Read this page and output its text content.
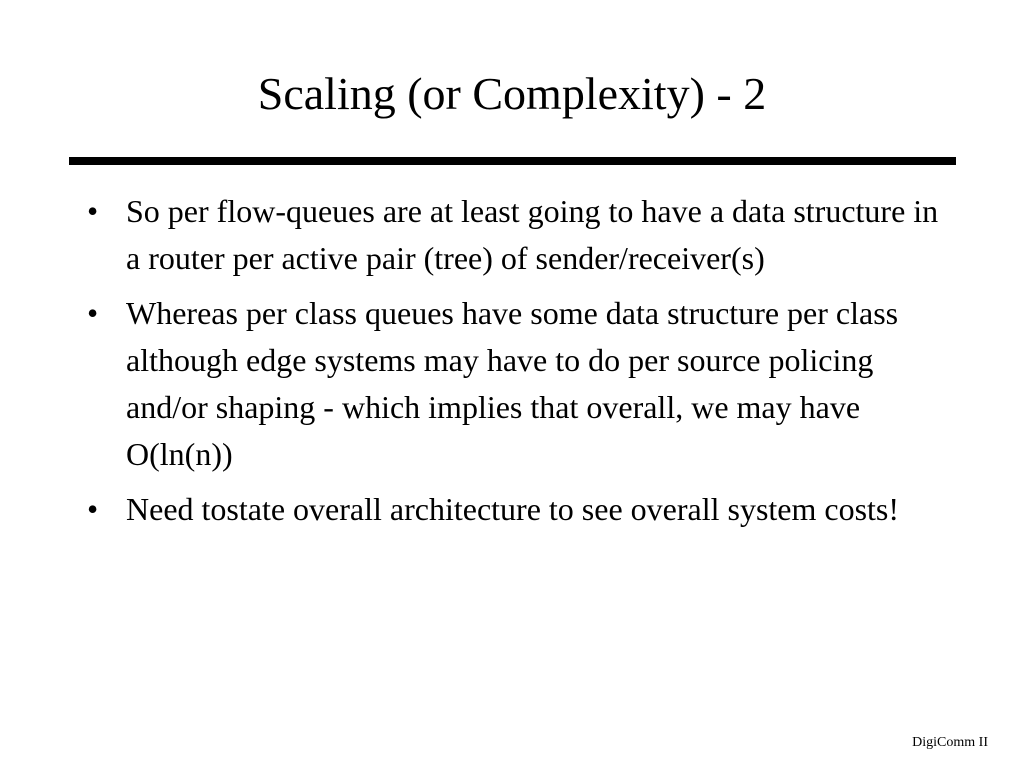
Scaling (or Complexity) - 2
• So per flow-queues are at least going to have a data structure in a router per active pair (tree) of sender/receiver(s)
• Whereas per class queues have some data structure per class although edge systems may have to do per source policing and/or shaping - which implies that overall, we may have O(ln(n))
• Need tostate overall architecture to see overall system costs!
DigiComm II
